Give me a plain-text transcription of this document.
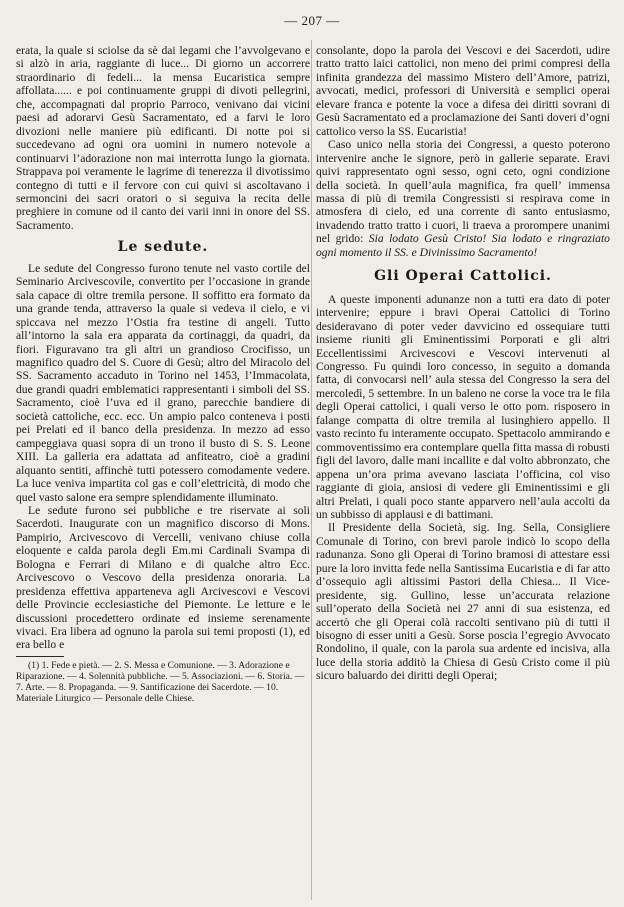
— 207 —

erata, la quale si sciolse da sè dai legami che l’avvolgevano e si alzò in aria, raggiante di luce... Di giorno un accorrere straordinario di fedeli... la mensa Eucaristica sempre affollata...... e poi continuamente gruppi di divoti pellegrini, che, accompagnati dal proprio Parroco, venivano dai vicini paesi ad adorarvi Gesù Sacramentato, ed a farvi le loro divozioni nelle maniere più edificanti. Di notte poi si succedevano ad ogni ora uomini in numero notevole a continuarvi l’adorazione non mai interrotta lungo la giornata. Strappava poi veramente le lagrime di tenerezza il divotissimo contegno di tutti e il fervore con cui quivi si ascoltavano i sermoncini dei sacri oratori o si seguiva la recita delle preghiere in comune od il canto dei varii inni in onore del SS. Sacramento.

Le sedute.

Le sedute del Congresso furono tenute nel vasto cortile del Seminario Arcivescovile, convertito per l’occasione in grande sala capace di oltre tremila persone. Il soffitto era formato da una grande tenda, attraverso la quale si vedeva il cielo, e vi spiccava nel mezzo l’Ostia fra testine di angeli. Tutto all’intorno la sala era apparata da cortinaggi, da quadri, da fiori. Figuravano tra gli altri un grandioso Crocifisso, un magnifico quadro del S. Cuore di Gesù; altro del Miracolo del SS. Sacramento accaduto in Torino nel 1453, l’Immacolata, due grandi quadri emblematici rappresentanti i simboli del SS. Sacramento, cioè l’uva ed il grano, parecchie bandiere di società cattoliche, ecc. ecc. Un ampio palco conteneva i posti pei Prelati ed il banco della presidenza. In mezzo ad esso campeggiava quasi sopra di un trono il busto di S. S. Leone XIII. La galleria era adattata ad anfiteatro, cioè a gradini alquanto sentiti, affinchè tutti potessero comodamente vedere. La luce veniva impartita col gas e coll’elettricità, di modo che quel vasto salone era sempre splendidamente illuminato.

Le sedute furono sei pubbliche e tre riservate ai soli Sacerdoti. Inaugurate con un magnifico discorso di Mons. Pampirio, Arcivescovo di Vercelli, venivano chiuse colla eloquente e calda parola degli Em.mi Cardinali Svampa di Bologna e Ferrari di Milano e di qualche altro Ecc. Arcivescovo o Vescovo della presidenza onoraria. La presidenza effettiva apparteneva agli Arcivescovi e Vescovi delle Provincie ecclesiastiche del Piemonte. Le letture e le discussioni procedettero ordinate ed insieme serenamente vivaci. Era libera ad ognuno la parola sui temi proposti (1), ed era bello e

(1) 1. Fede e pietà. — 2. S. Messa e Comunione. — 3. Adorazione e Riparazione. — 4. Solennità pubbliche. — 5. Associazioni. — 6. Storia. — 7. Arte. — 8. Propaganda. — 9. Santificazione dei Sacerdote. — 10. Materiale Liturgico — Personale delle Chiese.

consolante, dopo la parola dei Vescovi e dei Sacerdoti, udire tratto tratto laici cattolici, non meno dei primi compresi della infinita grandezza del massimo Mistero dell’Amore, patrizi, avvocati, medici, professori di Università e semplici operai elevare franca e potente la voce a difesa dei diritti sovrani di Gesù Sacramentato ed a proclamazione dei Santi doveri d’ogni cattolico verso la SS. Eucaristia!

Caso unico nella storia dei Congressi, a questo poterono intervenire anche le signore, però in gallerie separate. Eravi quivi rappresentato ogni sesso, ogni ceto, ogni condizione della società. In quell’aula magnifica, fra quell’ immensa massa di più di tremila Congressisti si respirava come in atmosfera di cielo, ed una corrente di santo entusiasmo, invadendo tratto tratto i cuori, li traeva a prorompere unanimi nel grido: Sia lodato Gesù Cristo! Sia lodato e ringraziato ogni momento il SS. e Divinissimo Sacramento!

Gli Operai Cattolici.

A queste imponenti adunanze non a tutti era dato di poter intervenire; eppure i bravi Operai Cattolici di Torino desideravano di poter veder davvicino ed ossequiare tutti insieme riuniti gli Eminentissimi Porporati e gli altri Eccellentissimi Arcivescovi e Vescovi intervenuti al Congresso. Fu quindi loro concesso, in seguito a domanda fatta, di convocarsi nell’ aula stessa del Congresso la sera del mercoledì, 5 settembre. In un baleno ne corse la voce tra le fila degli Operai cattolici, i quali verso le otto pom. risposero in falange compatta di oltre tremila al lusinghiero appello. Il vasto recinto fu interamente occupato. Spettacolo ammirando e commoventissimo era contemplare quella fitta massa di robusti figli del lavoro, dalle mani incallite e dal volto abbronzato, che appena un’ora prima avevano lasciata l’officina, col viso raggiante di gioia, ansiosi di vedere gli Eminentissimi e gli altri Prelati, i quali poco stante apparvero nell’aula accolti da un subbisso di applausi e di battimani.

Il Presidente della Società, sig. Ing. Sella, Consigliere Comunale di Torino, con brevi parole indicò lo scopo della radunanza. Sono gli Operai di Torino bramosi di attestare essi pure la loro invitta fede nella Santissima Eucaristia e di far atto d’ossequio agli altissimi Pastori della Chiesa... Il Vice-presidente, sig. Gullino, lesse un’accurata relazione sull’operato della Società nei 27 anni di sua esistenza, ed accertò che gli Operai colà raccolti sentivano più di tutti il bisogno di esser uniti a Gesù. Sorse poscia l’egregio Avvocato Rondolino, il quale, con la parola sua ardente ed incisiva, alla luce della storia additò la Chiesa di Gesù Cristo come il più sicuro baluardo dei diritti degli Operai;
